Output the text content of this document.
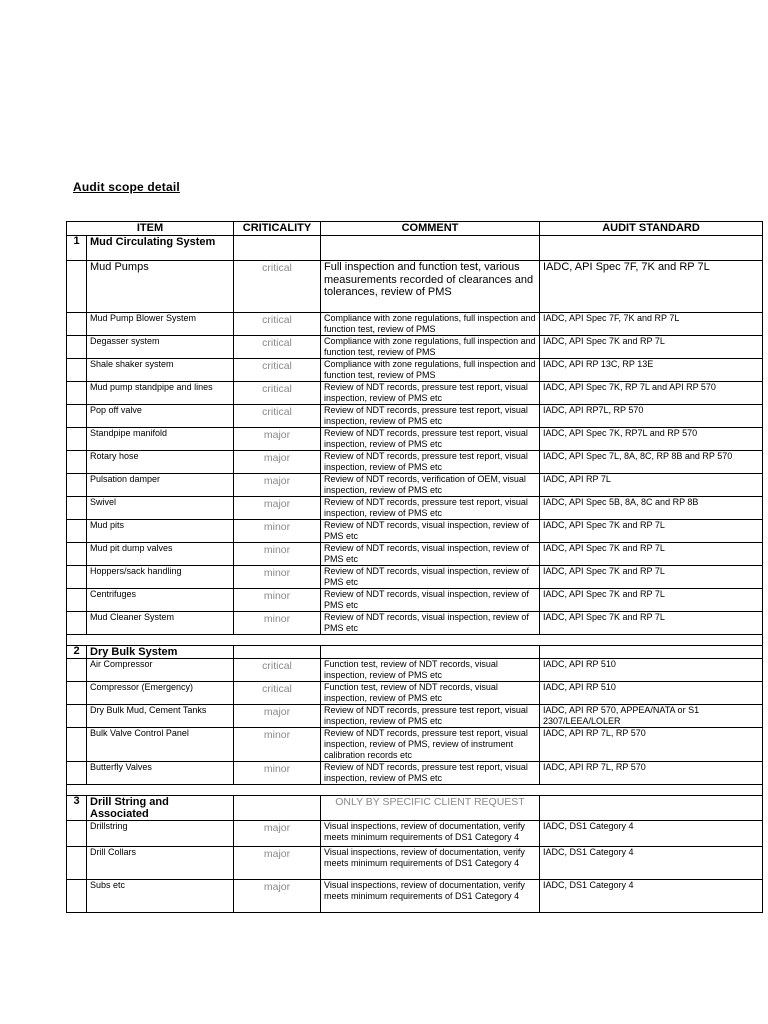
Audit scope detail
ITEM		CRITICALITY	COMMENT	AUDIT STANDARD
1	Mud Circulating System			
	Mud Pumps	critical	Full inspection and function test, various measurements recorded of clearances and tolerances, review of PMS	IADC, API Spec 7F, 7K and RP 7L
	Mud Pump Blower System	critical	Compliance with zone regulations, full inspection and function test, review of PMS	IADC, API Spec 7F, 7K and RP 7L
	Degasser system	critical	Compliance with zone regulations, full inspection and function test, review of PMS	IADC, API Spec 7K and RP 7L
	Shale shaker system	critical	Compliance with zone regulations, full inspection and function test, review of PMS	IADC, API RP 13C, RP 13E
	Mud pump standpipe and lines	critical	Review of NDT records, pressure test report, visual inspection, review of PMS etc	IADC, API Spec 7K, RP 7L and API RP 570
	Pop off valve	critical	Review of NDT records, pressure test report, visual inspection, review of PMS etc	IADC, API RP7L, RP 570
	Standpipe manifold	major	Review of NDT records, pressure test report, visual inspection, review of PMS etc	IADC, API Spec 7K, RP7L and RP 570
	Rotary hose	major	Review of NDT records, pressure test report, visual inspection, review of PMS etc	IADC, API Spec 7L, 8A, 8C, RP 8B and RP 570
	Pulsation damper	major	Review of NDT records, verification of OEM, visual inspection, review of PMS etc	IADC, API RP 7L
	Swivel	major	Review of NDT records, pressure test report, visual inspection, review of PMS etc	IADC, API Spec 5B, 8A, 8C and RP 8B
	Mud pits	minor	Review of NDT records, visual inspection, review of PMS etc	IADC, API Spec 7K and RP 7L
	Mud pit dump valves	minor	Review of NDT records, visual inspection, review of PMS etc	IADC, API Spec 7K and RP 7L
	Hoppers/sack handling	minor	Review of NDT records, visual inspection, review of PMS etc	IADC, API Spec 7K and RP 7L
	Centrifuges	minor	Review of NDT records, visual inspection, review of PMS etc	IADC, API Spec 7K and RP 7L
	Mud Cleaner System	minor	Review of NDT records, visual inspection, review of PMS etc	IADC, API Spec 7K and RP 7L

2	Dry Bulk System			
	Air Compressor	critical	Function test, review of NDT records, visual inspection, review of PMS etc	IADC, API RP 510
	Compressor (Emergency)	critical	Function test, review of NDT records, visual inspection, review of PMS etc	IADC, API RP 510
	Dry Bulk Mud, Cement Tanks	major	Review of NDT records, pressure test report, visual inspection, review of PMS etc	IADC, API RP 570, APPEA/NATA or S1 2307/LEEA/LOLER
	Bulk Valve Control Panel	minor	Review of NDT records, pressure test report, visual inspection, review of PMS, review of instrument calibration records etc	IADC, API RP 7L, RP 570
	Butterfly Valves	minor	Review of NDT records, pressure test report, visual inspection, review of PMS etc	IADC, API RP 7L, RP 570

3	Drill String and Associated		ONLY BY SPECIFIC CLIENT REQUEST	
	Drillstring	major	Visual inspections, review of documentation, verify meets minimum requirements of DS1 Category 4	IADC, DS1 Category 4
	Drill Collars	major	Visual inspections, review of documentation, verify meets minimum requirements of DS1 Category 4	IADC, DS1 Category 4
	Subs etc	major	Visual inspections, review of documentation, verify meets minimum requirements of DS1 Category 4	IADC, DS1 Category 4
